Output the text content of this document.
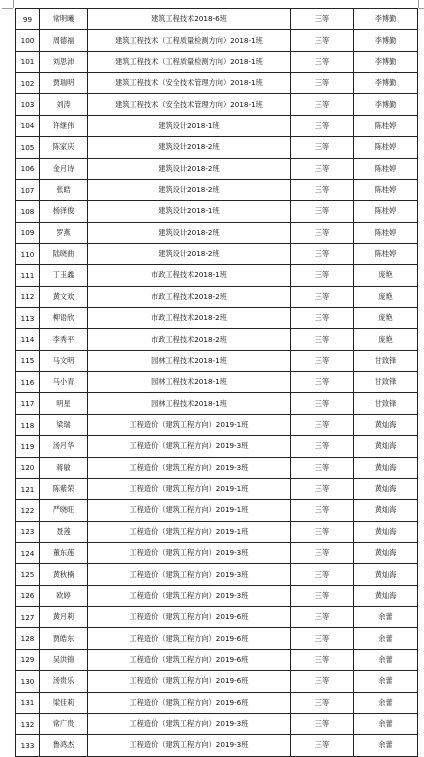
99	常明曦	建筑工程技术2018-6班	三等	李博勤
100	周德福	建筑工程技术（工程质量检测方向）2018-1班	三等	李博勤
101	刘思沛	建筑工程技术（工程质量检测方向）2018-1班	三等	李博勤
102	贾瑞明	建筑工程技术（安全技术管理方向）2018-1班	三等	李博勤
103	刘涛	建筑工程技术（安全技术管理方向）2018-1班	三等	李博勤
104	许继伟	建筑设计2018-1班	三等	陈桂婷
105	陈家庆	建筑设计2018-2班	三等	陈桂婷
106	金月诗	建筑设计2018-2班	三等	陈桂婷
107	张皓	建筑设计2018-2班	三等	陈桂婷
108	杨泽俊	建筑设计2018-1班	三等	陈桂婷
109	罗燕	建筑设计2018-2班	三等	陈桂婷
110	陆晓曲	建筑设计2018-2班	三等	陈桂婷
111	丁玉鑫	市政工程技术2018-1班	三等	庞艳
112	黄文欢	市政工程技术2018-2班	三等	庞艳
113	柳语欣	市政工程技术2018-2班	三等	庞艳
114	李秀平	市政工程技术2018-2班	三等	庞艳
115	马文明	园林工程技术2018-1班	三等	甘致锋
116	马小青	园林工程技术2018-1班	三等	甘致锋
117	明星	园林工程技术2018-1班	三等	甘致锋
118	梁瑞	工程造价（建筑工程方向）2019-1班	三等	黄灿海
119	汤月华	工程造价（建筑工程方向）2019-3班	三等	黄灿海
120	蒋敏	工程造价（建筑工程方向）2019-3班	三等	黄灿海
121	陈紫荣	工程造价（建筑工程方向）2019-1班	三等	黄灿海
122	严晓旺	工程造价（建筑工程方向）2019-1班	三等	黄灿海
123	聂莲	工程造价（建筑工程方向）2019-1班	三等	黄灿海
124	董东莲	工程造价（建筑工程方向）2019-3班	三等	黄灿海
125	黄秋楠	工程造价（建筑工程方向）2019-3班	三等	黄灿海
126	欧婷	工程造价（建筑工程方向）2019-3班	三等	黄灿海
127	黄月莉	工程造价（建筑工程方向）2019-6班	三等	余蕾
128	贾皓东	工程造价（建筑工程方向）2019-6班	三等	余蕾
129	吴洪锦	工程造价（建筑工程方向）2019-6班	三等	余蕾
130	汤贵乐	工程造价（建筑工程方向）2019-6班	三等	余蕾
131	梁佳莉	工程造价（建筑工程方向）2019-6班	三等	余蕾
132	常广贵	工程造价（建筑工程方向）2019-3班	三等	余蕾
133	鲁鸿杰	工程造价（建筑工程方向）2019-3班	三等	余蕾
